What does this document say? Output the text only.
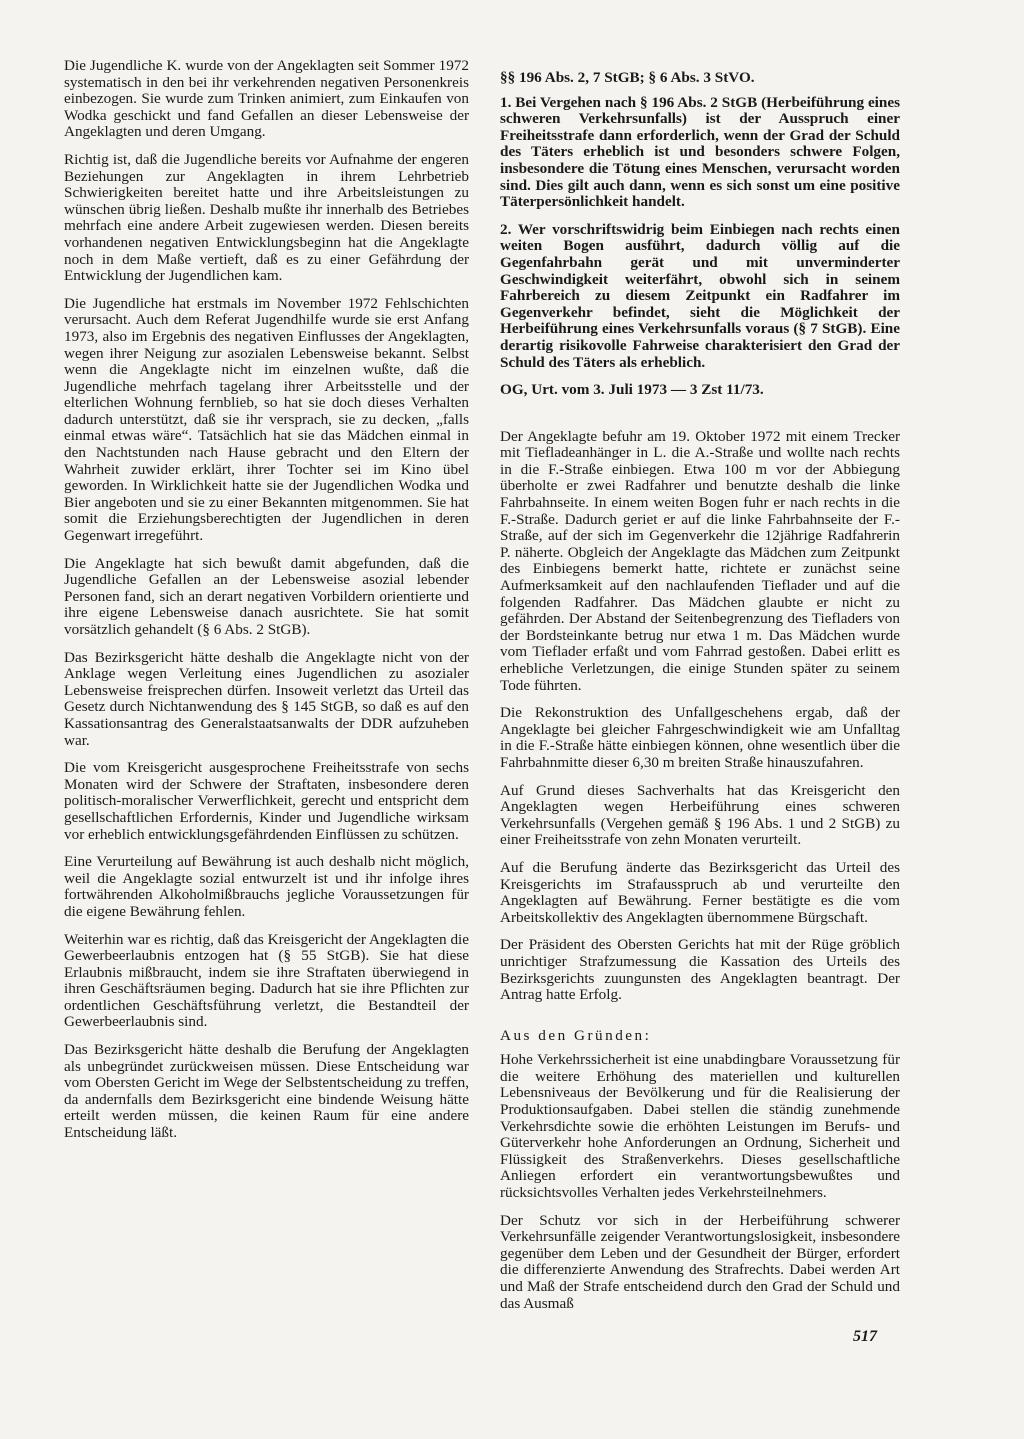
Die Jugendliche K. wurde von der Angeklagten seit Sommer 1972 systematisch in den bei ihr verkehrenden negativen Personenkreis einbezogen. Sie wurde zum Trinken animiert, zum Einkaufen von Wodka geschickt und fand Gefallen an dieser Lebensweise der Angeklagten und deren Umgang.

Richtig ist, daß die Jugendliche bereits vor Aufnahme der engeren Beziehungen zur Angeklagten in ihrem Lehrbetrieb Schwierigkeiten bereitet hatte und ihre Arbeitsleistungen zu wünschen übrig ließen. Deshalb mußte ihr innerhalb des Betriebes mehrfach eine andere Arbeit zugewiesen werden. Diesen bereits vorhandenen negativen Entwicklungsbeginn hat die Angeklagte noch in dem Maße vertieft, daß es zu einer Gefährdung der Entwicklung der Jugendlichen kam.

Die Jugendliche hat erstmals im November 1972 Fehlschichten verursacht. Auch dem Referat Jugendhilfe wurde sie erst Anfang 1973, also im Ergebnis des negativen Einflusses der Angeklagten, wegen ihrer Neigung zur asozialen Lebensweise bekannt. Selbst wenn die Angeklagte nicht im einzelnen wußte, daß die Jugendliche mehrfach tagelang ihrer Arbeitsstelle und der elterlichen Wohnung fernblieb, so hat sie doch dieses Verhalten dadurch unterstützt, daß sie ihr versprach, sie zu decken, „falls einmal etwas wäre“. Tatsächlich hat sie das Mädchen einmal in den Nachtstunden nach Hause gebracht und den Eltern der Wahrheit zuwider erklärt, ihrer Tochter sei im Kino übel geworden. In Wirklichkeit hatte sie der Jugendlichen Wodka und Bier angeboten und sie zu einer Bekannten mitgenommen. Sie hat somit die Erziehungsberechtigten der Jugendlichen in deren Gegenwart irregeführt.

Die Angeklagte hat sich bewußt damit abgefunden, daß die Jugendliche Gefallen an der Lebensweise asozial lebender Personen fand, sich an derart negativen Vorbildern orientierte und ihre eigene Lebensweise danach ausrichtete. Sie hat somit vorsätzlich gehandelt (§ 6 Abs. 2 StGB).

Das Bezirksgericht hätte deshalb die Angeklagte nicht von der Anklage wegen Verleitung eines Jugendlichen zu asozialer Lebensweise freisprechen dürfen. Insoweit verletzt das Urteil das Gesetz durch Nichtanwendung des § 145 StGB, so daß es auf den Kassationsantrag des Generalstaatsanwalts der DDR aufzuheben war.

Die vom Kreisgericht ausgesprochene Freiheitsstrafe von sechs Monaten wird der Schwere der Straftaten, insbesondere deren politisch-moralischer Verwerflichkeit, gerecht und entspricht dem gesellschaftlichen Erfordernis, Kinder und Jugendliche wirksam vor erheblich entwicklungsgefährdenden Einflüssen zu schützen.

Eine Verurteilung auf Bewährung ist auch deshalb nicht möglich, weil die Angeklagte sozial entwurzelt ist und ihr infolge ihres fortwährenden Alkoholmißbrauchs jegliche Voraussetzungen für die eigene Bewährung fehlen.

Weiterhin war es richtig, daß das Kreisgericht der Angeklagten die Gewerbeerlaubnis entzogen hat (§ 55 StGB). Sie hat diese Erlaubnis mißbraucht, indem sie ihre Straftaten überwiegend in ihren Geschäftsräumen beging. Dadurch hat sie ihre Pflichten zur ordentlichen Geschäftsführung verletzt, die Bestandteil der Gewerbeerlaubnis sind.

Das Bezirksgericht hätte deshalb die Berufung der Angeklagten als unbegründet zurückweisen müssen. Diese Entscheidung war vom Obersten Gericht im Wege der Selbstentscheidung zu treffen, da andernfalls dem Bezirksgericht eine bindende Weisung hätte erteilt werden müssen, die keinen Raum für eine andere Entscheidung läßt.

§§ 196 Abs. 2, 7 StGB; § 6 Abs. 3 StVO.

1. Bei Vergehen nach § 196 Abs. 2 StGB (Herbeiführung eines schweren Verkehrsunfalls) ist der Ausspruch einer Freiheitsstrafe dann erforderlich, wenn der Grad der Schuld des Täters erheblich ist und besonders schwere Folgen, insbesondere die Tötung eines Menschen, verursacht worden sind. Dies gilt auch dann, wenn es sich sonst um eine positive Täterpersönlichkeit handelt.

2. Wer vorschriftswidrig beim Einbiegen nach rechts einen weiten Bogen ausführt, dadurch völlig auf die Gegenfahrbahn gerät und mit unverminderter Geschwindigkeit weiterfährt, obwohl sich in seinem Fahrbereich zu diesem Zeitpunkt ein Radfahrer im Gegenverkehr befindet, sieht die Möglichkeit der Herbeiführung eines Verkehrsunfalls voraus (§ 7 StGB). Eine derartig risikovolle Fahrweise charakterisiert den Grad der Schuld des Täters als erheblich.

OG, Urt. vom 3. Juli 1973 — 3 Zst 11/73.

Der Angeklagte befuhr am 19. Oktober 1972 mit einem Trecker mit Tiefladeanhänger in L. die A.-Straße und wollte nach rechts in die F.-Straße einbiegen. Etwa 100 m vor der Abbiegung überholte er zwei Radfahrer und benutzte deshalb die linke Fahrbahnseite. In einem weiten Bogen fuhr er nach rechts in die F.-Straße. Dadurch geriet er auf die linke Fahrbahnseite der F.-Straße, auf der sich im Gegenverkehr die 12jährige Radfahrerin P. näherte. Obgleich der Angeklagte das Mädchen zum Zeitpunkt des Einbiegens bemerkt hatte, richtete er zunächst seine Aufmerksamkeit auf den nachlaufenden Tieflader und auf die folgenden Radfahrer. Das Mädchen glaubte er nicht zu gefährden. Der Abstand der Seitenbegrenzung des Tiefladers von der Bordsteinkante betrug nur etwa 1 m. Das Mädchen wurde vom Tieflader erfaßt und vom Fahrrad gestoßen. Dabei erlitt es erhebliche Verletzungen, die einige Stunden später zu seinem Tode führten.

Die Rekonstruktion des Unfallgeschehens ergab, daß der Angeklagte bei gleicher Fahrgeschwindigkeit wie am Unfalltag in die F.-Straße hätte einbiegen können, ohne wesentlich über die Fahrbahnmitte dieser 6,30 m breiten Straße hinauszufahren.

Auf Grund dieses Sachverhalts hat das Kreisgericht den Angeklagten wegen Herbeiführung eines schweren Verkehrsunfalls (Vergehen gemäß § 196 Abs. 1 und 2 StGB) zu einer Freiheitsstrafe von zehn Monaten verurteilt.

Auf die Berufung änderte das Bezirksgericht das Urteil des Kreisgerichts im Strafausspruch ab und verurteilte den Angeklagten auf Bewährung. Ferner bestätigte es die vom Arbeitskollektiv des Angeklagten übernommene Bürgschaft.

Der Präsident des Obersten Gerichts hat mit der Rüge gröblich unrichtiger Strafzumessung die Kassation des Urteils des Bezirksgerichts zuungunsten des Angeklagten beantragt. Der Antrag hatte Erfolg.

Aus den Gründen:

Hohe Verkehrssicherheit ist eine unabdingbare Voraussetzung für die weitere Erhöhung des materiellen und kulturellen Lebensniveaus der Bevölkerung und für die Realisierung der Produktionsaufgaben. Dabei stellen die ständig zunehmende Verkehrsdichte sowie die erhöhten Leistungen im Berufs- und Güterverkehr hohe Anforderungen an Ordnung, Sicherheit und Flüssigkeit des Straßenverkehrs. Dieses gesellschaftliche Anliegen erfordert ein verantwortungsbewußtes und rücksichtsvolles Verhalten jedes Verkehrsteilnehmers.

Der Schutz vor sich in der Herbeiführung schwerer Verkehrsunfälle zeigender Verantwortungslosigkeit, insbesondere gegenüber dem Leben und der Gesundheit der Bürger, erfordert die differenzierte Anwendung des Strafrechts. Dabei werden Art und Maß der Strafe entscheidend durch den Grad der Schuld und das Ausmaß

517
